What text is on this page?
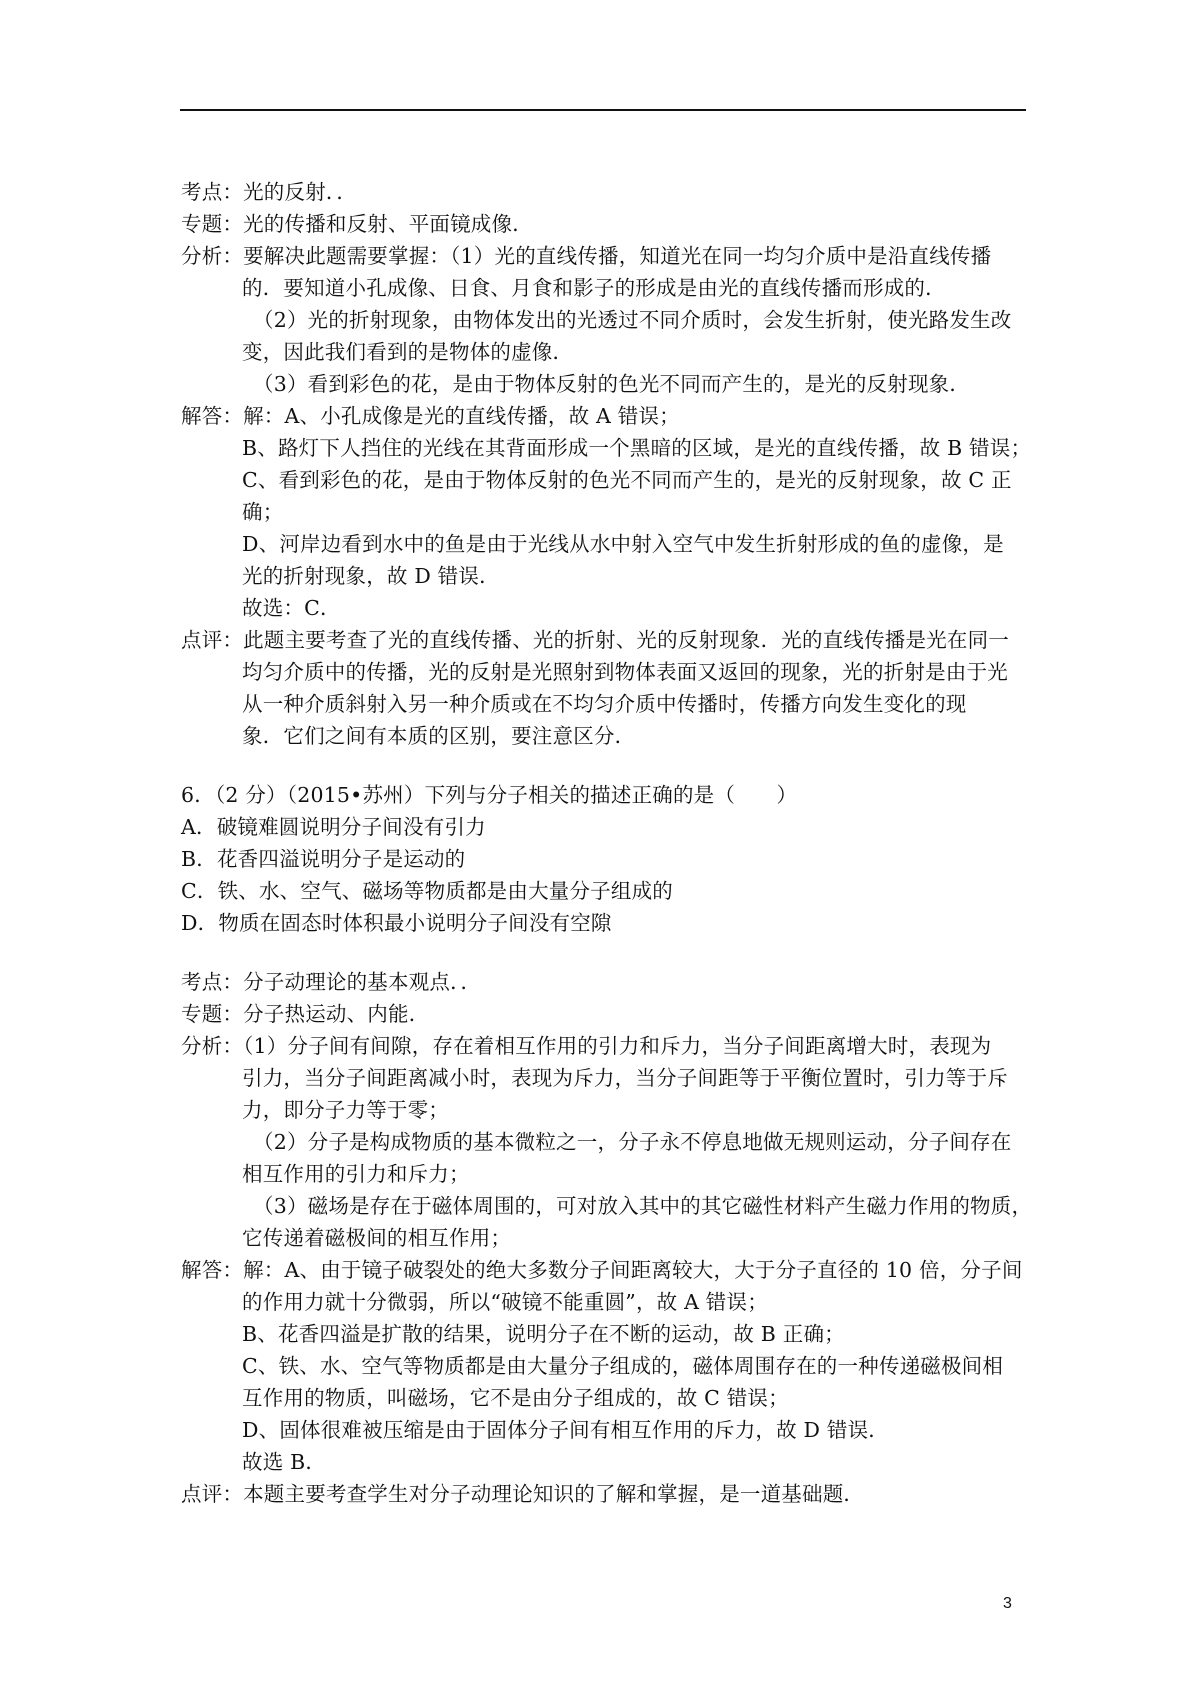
考点：光的反射．．
专题：光的传播和反射、平面镜成像．
分析：要解决此题需要掌握：（1）光的直线传播，知道光在同一均匀介质中是沿直线传播
的．要知道小孔成像、日食、月食和影子的形成是由光的直线传播而形成的．
（2）光的折射现象，由物体发出的光透过不同介质时，会发生折射，使光路发生改
变，因此我们看到的是物体的虚像．
（3）看到彩色的花，是由于物体反射的色光不同而产生的，是光的反射现象．
解答：解：A、小孔成像是光的直线传播，故 A 错误；
B、路灯下人挡住的光线在其背面形成一个黑暗的区域，是光的直线传播，故 B 错误；
C、看到彩色的花，是由于物体反射的色光不同而产生的，是光的反射现象，故 C 正
确；
D、河岸边看到水中的鱼是由于光线从水中射入空气中发生折射形成的鱼的虚像，是
光的折射现象，故 D 错误．
故选：C．
点评：此题主要考查了光的直线传播、光的折射、光的反射现象．光的直线传播是光在同一
均匀介质中的传播，光的反射是光照射到物体表面又返回的现象，光的折射是由于光
从一种介质斜射入另一种介质或在不均匀介质中传播时，传播方向发生变化的现
象．它们之间有本质的区别，要注意区分．
6．（2 分）（2015•苏州）下列与分子相关的描述正确的是（　　）
A．破镜难圆说明分子间没有引力
B．花香四溢说明分子是运动的
C．铁、水、空气、磁场等物质都是由大量分子组成的
D．物质在固态时体积最小说明分子间没有空隙
考点：分子动理论的基本观点．．
专题：分子热运动、内能．
分析：（1）分子间有间隙，存在着相互作用的引力和斥力，当分子间距离增大时，表现为
引力，当分子间距离减小时，表现为斥力，当分子间距等于平衡位置时，引力等于斥
力，即分子力等于零；
（2）分子是构成物质的基本微粒之一，分子永不停息地做无规则运动，分子间存在
相互作用的引力和斥力；
（3）磁场是存在于磁体周围的，可对放入其中的其它磁性材料产生磁力作用的物质，
它传递着磁极间的相互作用；
解答：解：A、由于镜子破裂处的绝大多数分子间距离较大，大于分子直径的 10 倍，分子间
的作用力就十分微弱，所以“破镜不能重圆”，故 A 错误；
B、花香四溢是扩散的结果，说明分子在不断的运动，故 B 正确；
C、铁、水、空气等物质都是由大量分子组成的，磁体周围存在的一种传递磁极间相
互作用的物质，叫磁场，它不是由分子组成的，故 C 错误；
D、固体很难被压缩是由于固体分子间有相互作用的斥力，故 D 错误．
故选 B．
点评：本题主要考查学生对分子动理论知识的了解和掌握，是一道基础题．
3
